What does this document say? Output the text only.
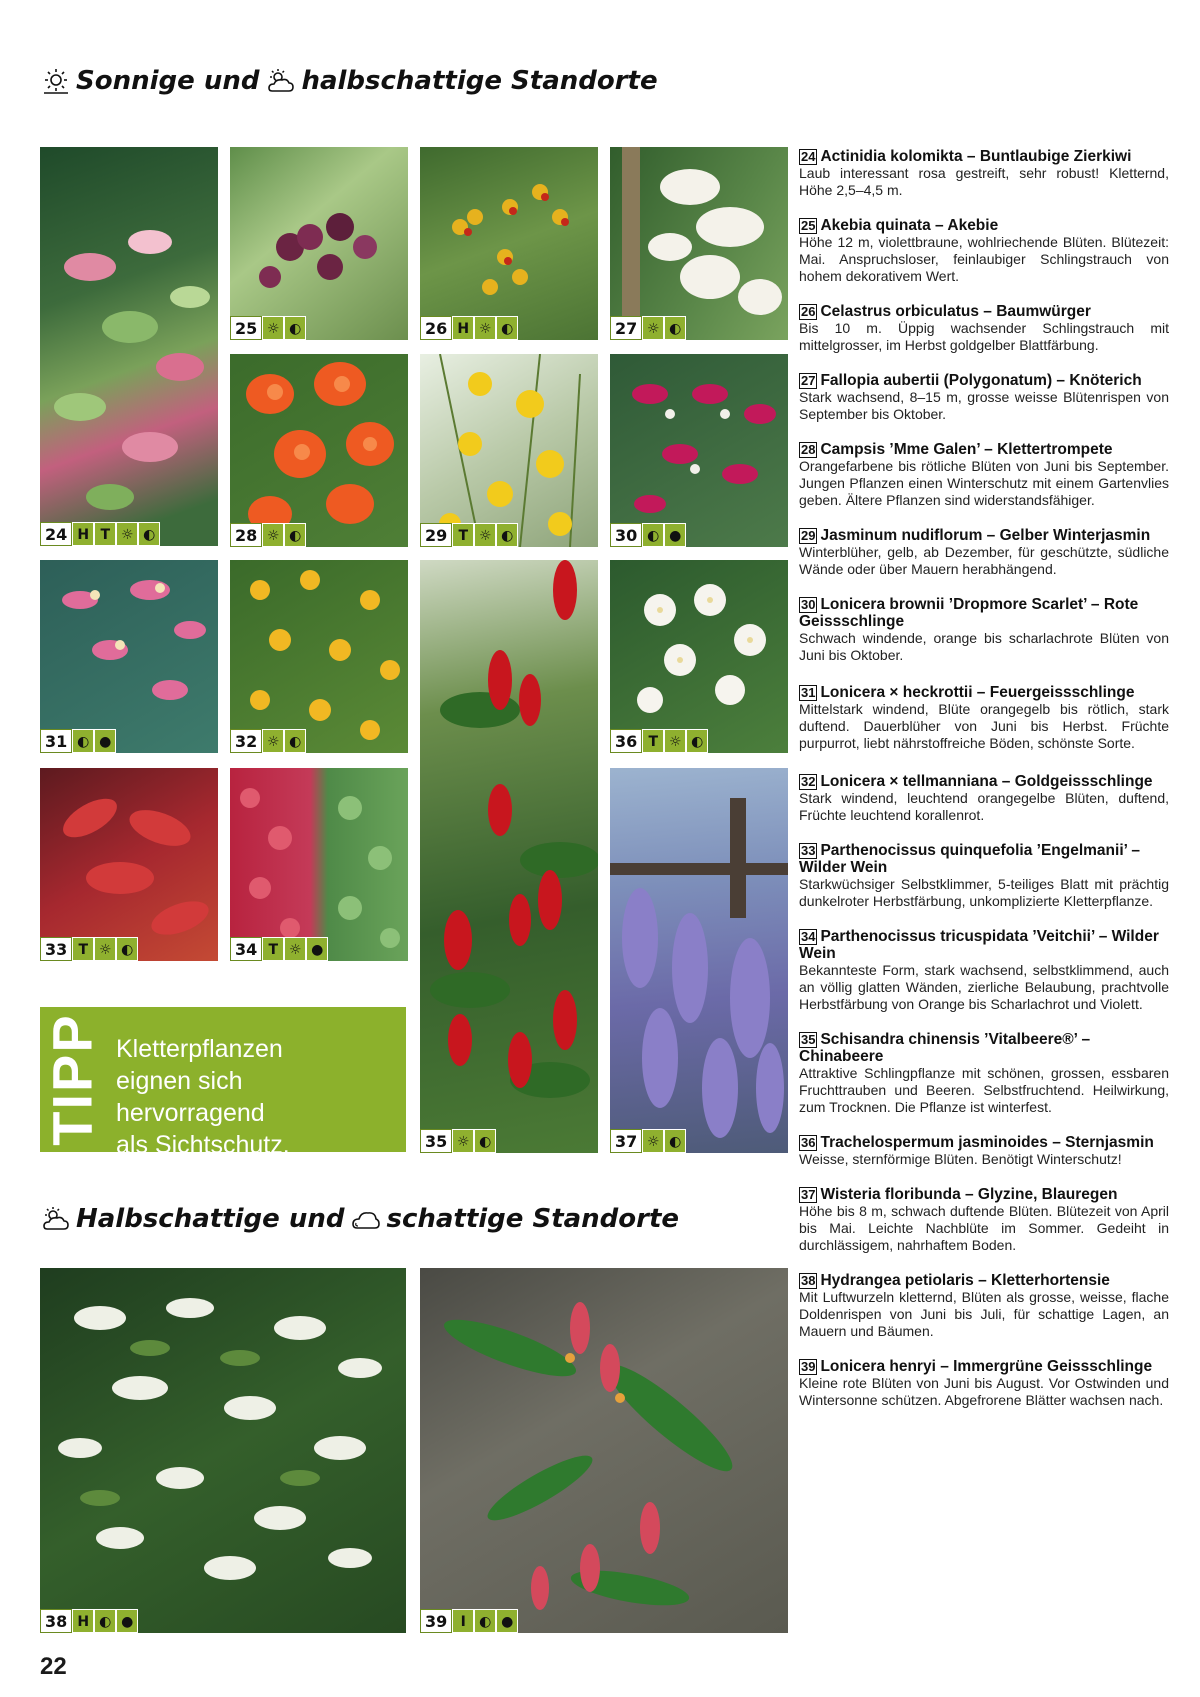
Sonnige und halbschattige Standorte
24 H T ☼ ◐
25 ☼ ◐	26 H ☼ ◐	27 ☼ ◐
28 ☼ ◐	29 T ☼ ◐	30 ◐ ●
31 ◐ ●	32 ☼ ◐
35 ☼ ◐
36 T ☼ ◐
33 T ☼ ◐	34 T ☼ ●
37 ☼ ◐
TIPP Kletterpflanzen
eignen sich hervorragend
als Sichtschutz.
Halbschattige und schattige Standorte
38 H ◐ ●	39 I ◐ ●
24 Actinidia kolomikta – Buntlaubige Zierkiwi
Laub interessant rosa gestreift, sehr robust! Kletternd, Höhe 2,5–4,5 m.
25 Akebia quinata – Akebie
Höhe 12 m, violettbraune, wohlriechende Blüten. Blütezeit: Mai. Anspruchsloser, feinlaubiger Schlingstrauch von hohem dekorativem Wert.
26 Celastrus orbiculatus – Baumwürger
Bis 10 m. Üppig wachsender Schlingstrauch mit mittelgrosser, im Herbst goldgelber Blattfärbung.
27 Fallopia aubertii (Polygonatum) – Knöterich
Stark wachsend, 8–15 m, grosse weisse Blütenrispen von September bis Oktober.
28 Campsis ’Mme Galen’ – Klettertrompete
Orangefarbene bis rötliche Blüten von Juni bis September. Jungen Pflanzen einen Winterschutz mit einem Gartenvlies geben. Ältere Pflanzen sind widerstandsfähiger.
29 Jasminum nudiflorum – Gelber Winterjasmin
Winterblüher, gelb, ab Dezember, für geschützte, südliche Wände oder über Mauern herabhängend.
30 Lonicera brownii ’Dropmore Scarlet’ – Rote Geissschlinge
Schwach windende, orange bis scharlachrote Blüten von Juni bis Oktober.
31 Lonicera × heckrottii – Feuergeissschlinge
Mittelstark windend, Blüte orangegelb bis rötlich, stark duftend. Dauerblüher von Juni bis Herbst. Früchte purpurrot, liebt nährstoffreiche Böden, schönste Sorte.
32 Lonicera × tellmanniana – Goldgeissschlinge
Stark windend, leuchtend orangegelbe Blüten, duftend, Früchte leuchtend korallenrot.
33 Parthenocissus quinquefolia ’Engelmanii’ – Wilder Wein
Starkwüchsiger Selbstklimmer, 5-teiliges Blatt mit prächtig dunkelroter Herbstfärbung, unkomplizierte Kletterpflanze.
34 Parthenocissus tricuspidata ’Veitchii’ – Wilder Wein
Bekannteste Form, stark wachsend, selbstklimmend, auch an völlig glatten Wänden, zierliche Belaubung, prachtvolle Herbstfärbung von Orange bis Scharlachrot und Violett.
35 Schisandra chinensis ’Vitalbeere®’ – Chinabeere
Attraktive Schlingpflanze mit schönen, grossen, essbaren Fruchttrauben und Beeren. Selbstfruchtend. Heilwirkung, zum Trocknen. Die Pflanze ist winterfest.
36 Trachelospermum jasminoides – Sternjasmin
Weisse, sternförmige Blüten. Benötigt Winterschutz!
37 Wisteria floribunda – Glyzine, Blauregen
Höhe bis 8 m, schwach duftende Blüten. Blütezeit von April bis Mai. Leichte Nachblüte im Sommer. Gedeiht in durchlässigem, nahrhaftem Boden.
38 Hydrangea petiolaris – Kletterhortensie
Mit Luftwurzeln kletternd, Blüten als grosse, weisse, flache Doldenrispen von Juni bis Juli, für schattige Lagen, an Mauern und Bäumen.
39 Lonicera henryi – Immergrüne Geissschlinge
Kleine rote Blüten von Juni bis August. Vor Ostwinden und Wintersonne schützen. Abgefrorene Blätter wachsen nach.
22
